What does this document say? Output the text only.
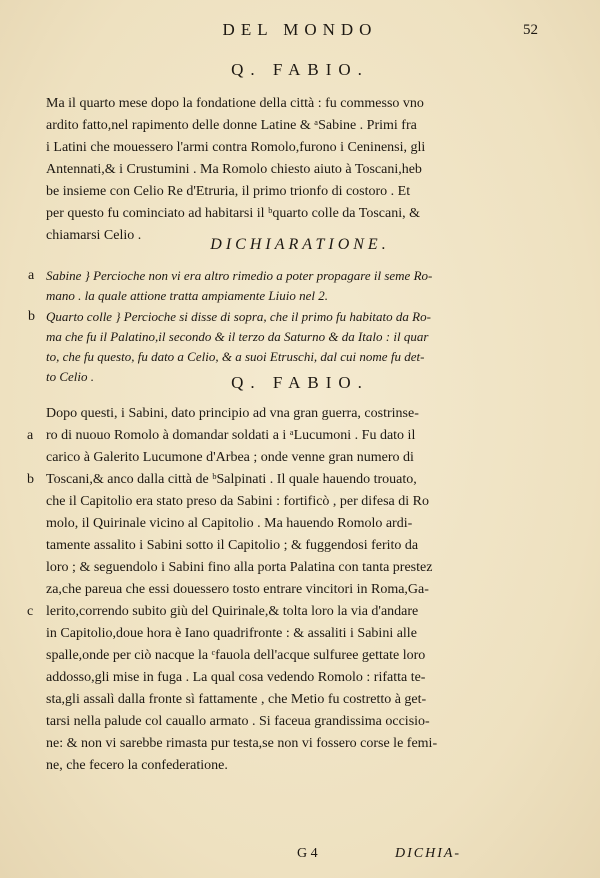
DEL MONDO	52
Q. FABIO.
Ma il quarto mese dopo la fondatione della città : fu commesso vno
ardito fatto,nel rapimento delle donne Latine & ᵃSabine . Primi fra
i Latini che mouessero l'armi contra Romolo,furono i Ceninensi, gli
Antennati,& i Crustumini . Ma Romolo chiesto aiuto à Toscani,heb
be insieme con Celio Re d'Etruria, il primo trionfo di costoro . Et
per questo fu cominciato ad habitarsi il ᵇquarto colle da Toscani, &
chiamarsi Celio .
DICHIARATIONE.
a Sabine } Percioche non vi era altro rimedio a poter propagare il seme Ro-
mano . la quale attione tratta ampiamente Liuio nel 2.
b Quarto colle } Percioche si disse di sopra, che il primo fu habitato da Ro-
ma che fu il Palatino,il secondo & il terzo da Saturno & da Italo : il quar
to, che fu questo, fu dato a Celio, & a suoi Etruschi, dal cui nome fu det-
to Celio .	Q. FABIO.
a
b
c
Dopo questi, i Sabini, dato principio ad vna gran guerra, costrinse-
ro di nuouo Romolo à domandar soldati a i ᵃLucumoni . Fu dato il
carico à Galerito Lucumone d'Arbea ; onde venne gran numero di
Toscani,& anco dalla città de ᵇSalpinati . Il quale hauendo trouato,
che il Capitolio era stato preso da Sabini : fortificò , per difesa di Ro
molo, il Quirinale vicino al Capitolio . Ma hauendo Romolo ardi-
tamente assalito i Sabini sotto il Capitolio ; & fuggendosi ferito da
loro ; & seguendolo i Sabini fino alla porta Palatina con tanta prestez
za,che pareua che essi douessero tosto entrare vincitori in Roma,Ga-
lerito,correndo subito giù del Quirinale,& tolta loro la via d'andare
in Capitolio,doue hora è Iano quadrifronte : & assaliti i Sabini alle
spalle,onde per ciò nacque la ᶜfauola dell'acque sulfuree gettate loro
addosso,gli mise in fuga . La qual cosa vedendo Romolo : rifatta te-
sta,gli assalì dalla fronte sì fattamente , che Metio fu costretto à get-
tarsi nella palude col cauallo armato . Si faceua grandissima occisio-
ne: & non vi sarebbe rimasta pur testa,se non vi fossero corse le femi-
ne, che fecero la confederatione.
G 4	DICHIA-
